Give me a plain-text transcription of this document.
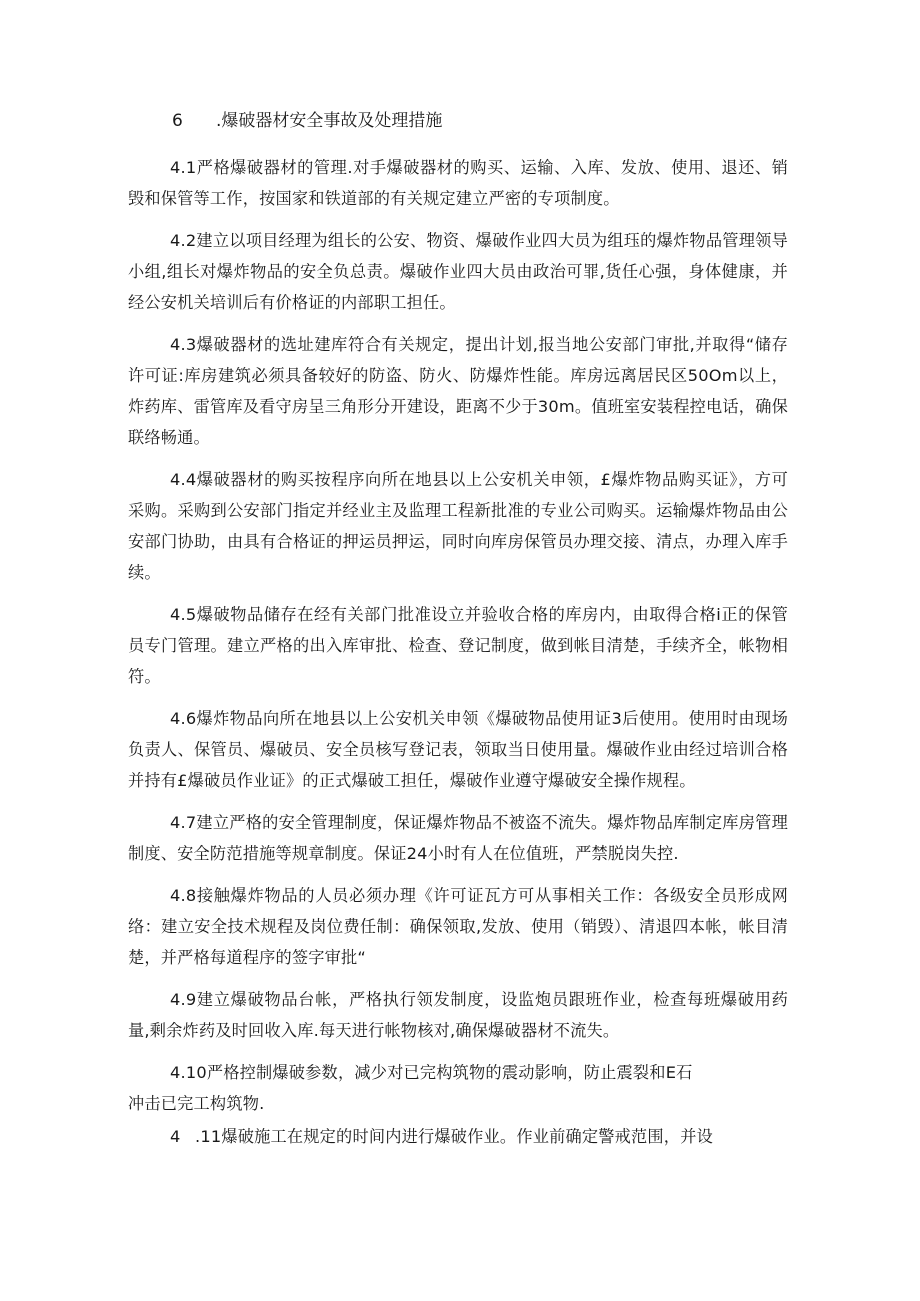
6 .爆破器材安全事故及处理措施

4.1严格爆破器材的管理.对手爆破器材的购买、运输、入库、发放、使用、退还、销毁和保管等工作，按国家和铁道部的有关规定建立严密的专项制度。

4.2建立以项目经理为组长的公安、物资、爆破作业四大员为组珏的爆炸物品管理领导小组,组长对爆炸物品的安全负总责。爆破作业四大员由政治可罪,货任心强，身体健康，并经公安机关培训后有价格证的内部职工担任。

4.3爆破器材的选址建库符合有关规定，提出计划,报当地公安部门审批,并取得“储存许可证:库房建筑必须具备较好的防盗、防火、防爆炸性能。库房远离居民区50Om以上，炸药库、雷管库及看守房呈三角形分开建设，距离不少于30m。值班室安装程控电话，确保联络畅通。

4.4爆破器材的购买按程序向所在地县以上公安机关申领，£爆炸物品购买证》，方可采购。采购到公安部门指定并经业主及监理工程新批准的专业公司购买。运输爆炸物品由公安部门协助，由具有合格证的押运员押运，同时向库房保管员办理交接、清点，办理入库手续。

4.5爆破物品储存在经有关部门批准设立并验收合格的库房内，由取得合格i正的保管员专门管理。建立严格的出入库审批、检查、登记制度，做到帐目清楚，手续齐全，帐物相符。

4.6爆炸物品向所在地县以上公安机关申领《爆破物品使用证3后使用。使用时由现场负责人、保管员、爆破员、安全员核写登记表，领取当日使用量。爆破作业由经过培训合格并持有£爆破员作业证》的正式爆破工担任，爆破作业遵守爆破安全操作规程。

4.7建立严格的安全管理制度，保证爆炸物品不被盗不流失。爆炸物品库制定库房管理制度、安全防范措施等规章制度。保证24小时有人在位值班，严禁脱岗失控.

4.8接触爆炸物品的人员必须办理《许可证瓦方可从事相关工作：各级安全员形成网络：建立安全技术规程及岗位费任制：确保领取,发放、使用（销毁）、清退四本帐，帐目清楚，并严格每道程序的签字审批“

4.9建立爆破物品台帐，严格执行领发制度，设监炮员跟班作业，检查每班爆破用药量,剩余炸药及时回收入库.每天进行帐物核对,确保爆破器材不流失。

4.10严格控制爆破参数，减少对已完构筑物的震动影响，防止震裂和E石
冲击已完工构筑物.
4 .11爆破施工在规定的时间内进行爆破作业。作业前确定警戒范围，并设
